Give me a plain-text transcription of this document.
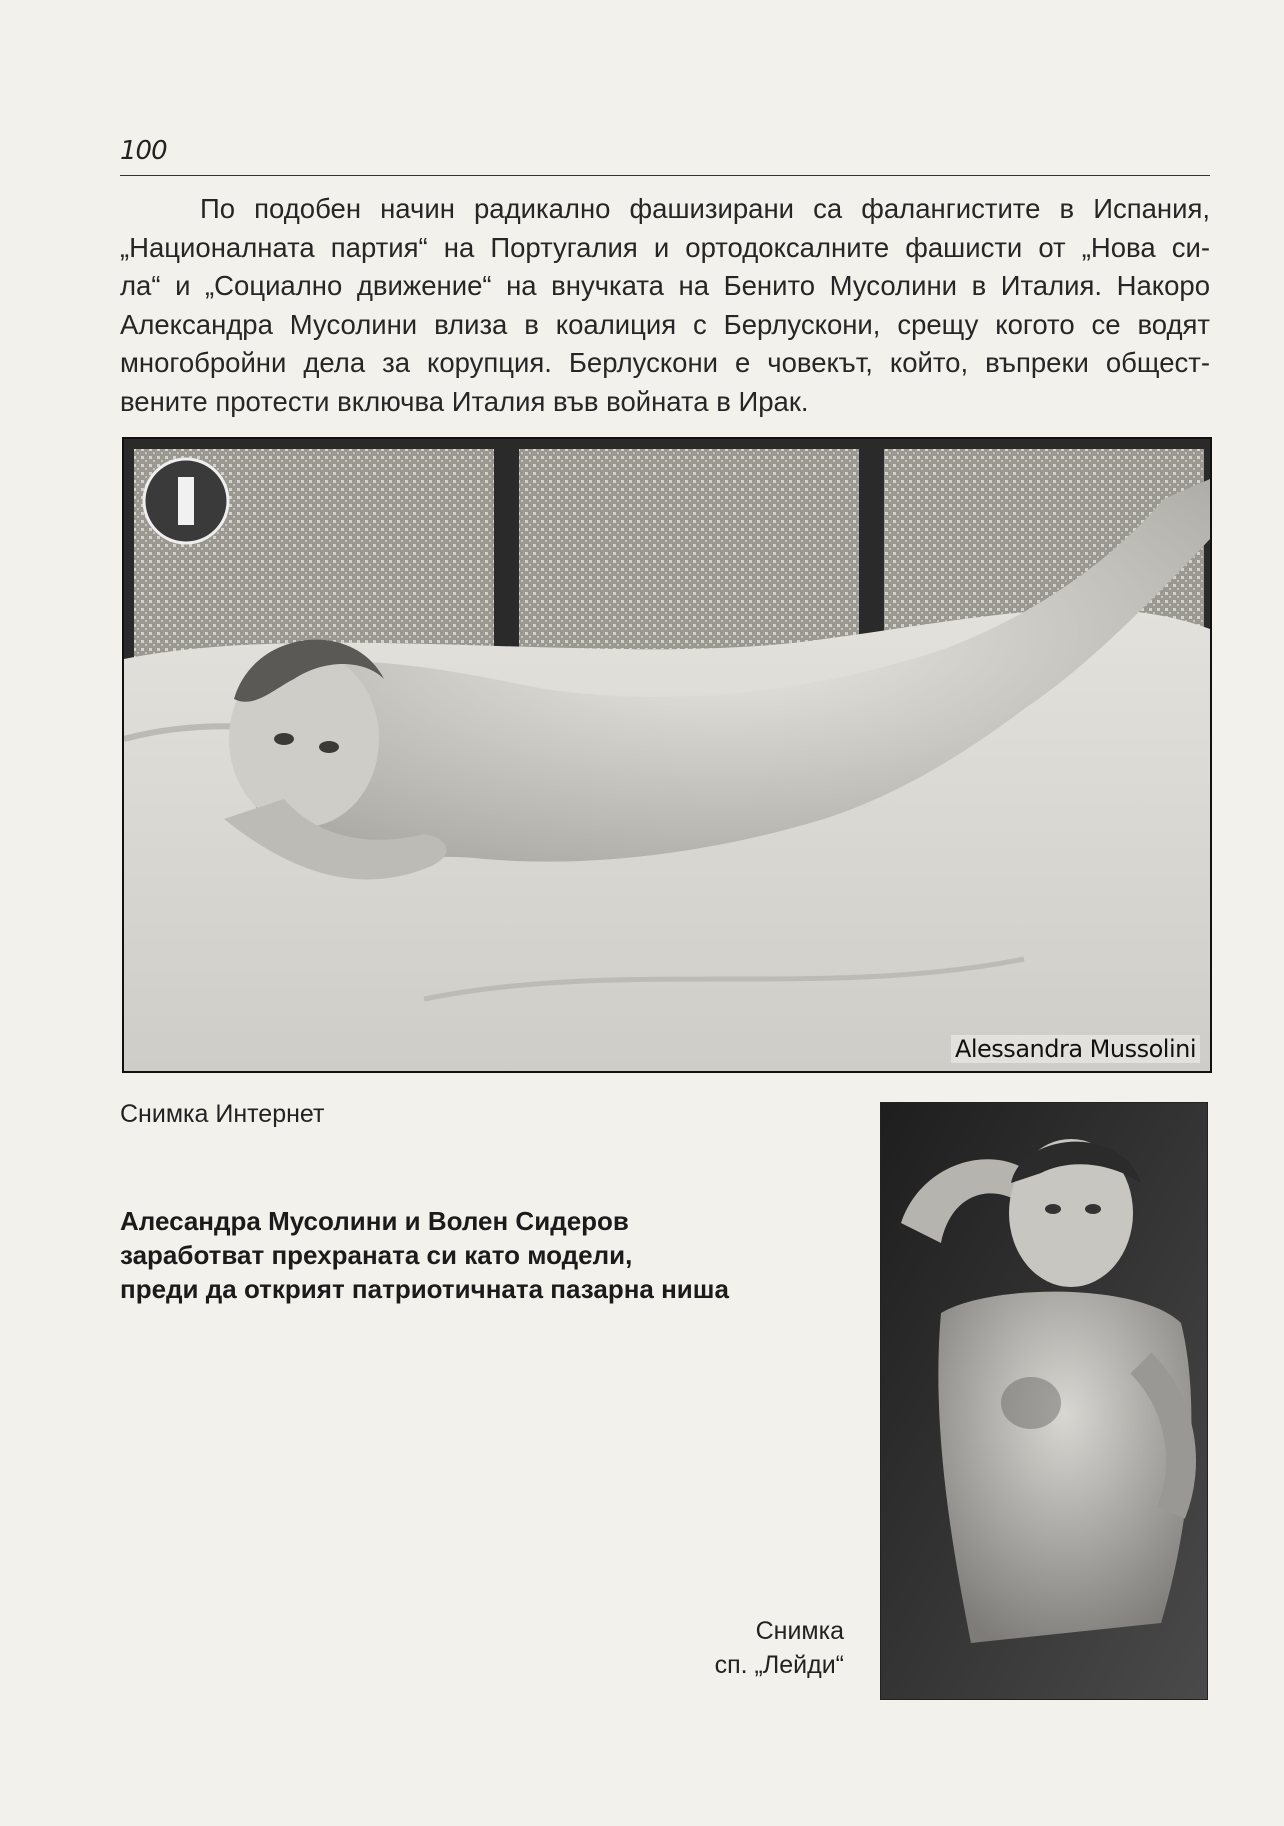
100

По подобен начин радикално фашизирани са фалангистите в Испания,
„Националната партия“ на Португалия и ортодоксалните фашисти от „Нова си-
ла“ и „Социално движение“ на внучката на Бенито Мусолини в Италия. Накоро
Александра Мусолини влиза в коалиция с Берлускони, срещу когото се водят
многобройни дела за корупция. Берлускони е човекът, който, въпреки общест-
вените протести включва Италия във войната в Ирак.

Alessandra Mussolini
Снимка Интернет

Алесандра Мусолини и Волен Сидеров
заработват прехраната си като модели,
преди да открият патриотичната пазарна ниша

Снимка
сп. „Лейди“
